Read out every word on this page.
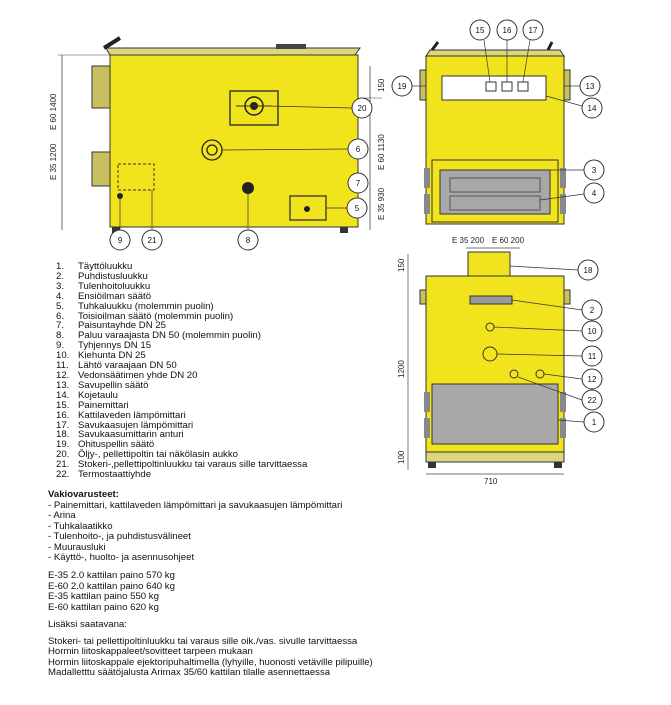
E 35 1200
E 60 1400
150
E 35 930
E 60 1130
20
6
7
5
9	21	8	E 35 200 E 60 200
15 16 17
19	13
14
3
4
150
1200
100
710
18
2
10
11
12
22
1
1. Täyttöluukku
2. Puhdistusluukku
3. Tulenhoitoluukku
4. Ensiöilman säätö
5. Tuhkaluukku (molemmin puolin)
6. Toisioilman säätö (molemmin puolin)
7. Paisuntayhde DN 25
8. Paluu varaajasta DN 50 (molemmin puolin)
9. Tyhjennys DN 15
10. Kiehunta DN 25
11. Lähtö varaajaan DN 50
12. Vedonsäätimen yhde DN 20
13. Savupellin säätö
14. Kojetaulu
15. Painemittari
16. Kattilaveden lämpömittari
17. Savukaasujen lämpömittari
18. Savukaasumittarin anturi
19. Ohituspellin säätö
20. Öljy-, pellettipoltin tai näkölasin aukko
21. Stokeri-,pellettipoltinluukku tai varaus sille tarvittaessa
22. Termostaattiyhde
Vakiovarusteet:
- Painemittari, kattilaveden lämpömittari ja savukaasujen lämpömittari
- Arina
- Tuhkalaatikko
- Tulenhoito-, ja puhdistusvälineet
- Muurausluki
- Käyttö-, huolto- ja asennusohjeet
E-35 2.0 kattilan paino 570 kg
E-60 2.0 kattilan paino 640 kg
E-35 kattilan paino 550 kg
E-60 kattilan paino 620 kg
Lisäksi saatavana:
Stokeri- tai pellettipoltinluukku tai varaus sille oik./vas. sivulle tarvittaessa
Hormin liitoskappaleet/sovitteet tarpeen mukaan
Hormin liitoskappale ejektoripuhaltimella (lyhyille, huonosti vetäville pilipuille)
Madalletttu säätöjalusta Arimax 35/60 kattilan tilalle asennettaessa
